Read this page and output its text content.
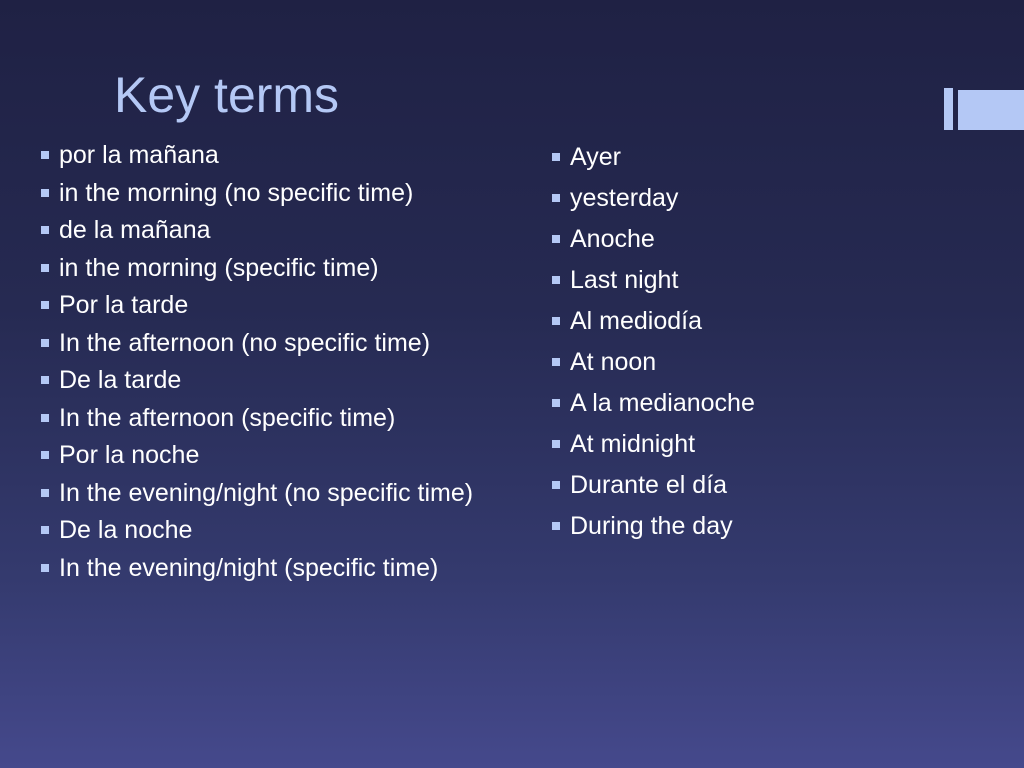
Key terms
por la mañana
in the morning (no specific time)
de la mañana
in the morning (specific time)
Por la tarde
In the afternoon (no specific time)
De la tarde
In the afternoon (specific time)
Por la noche
In the evening/night (no specific time)
De la noche
In the evening/night (specific time)
Ayer
yesterday
Anoche
Last night
Al mediodía
At noon
A la medianoche
At midnight
Durante el día
During the day
